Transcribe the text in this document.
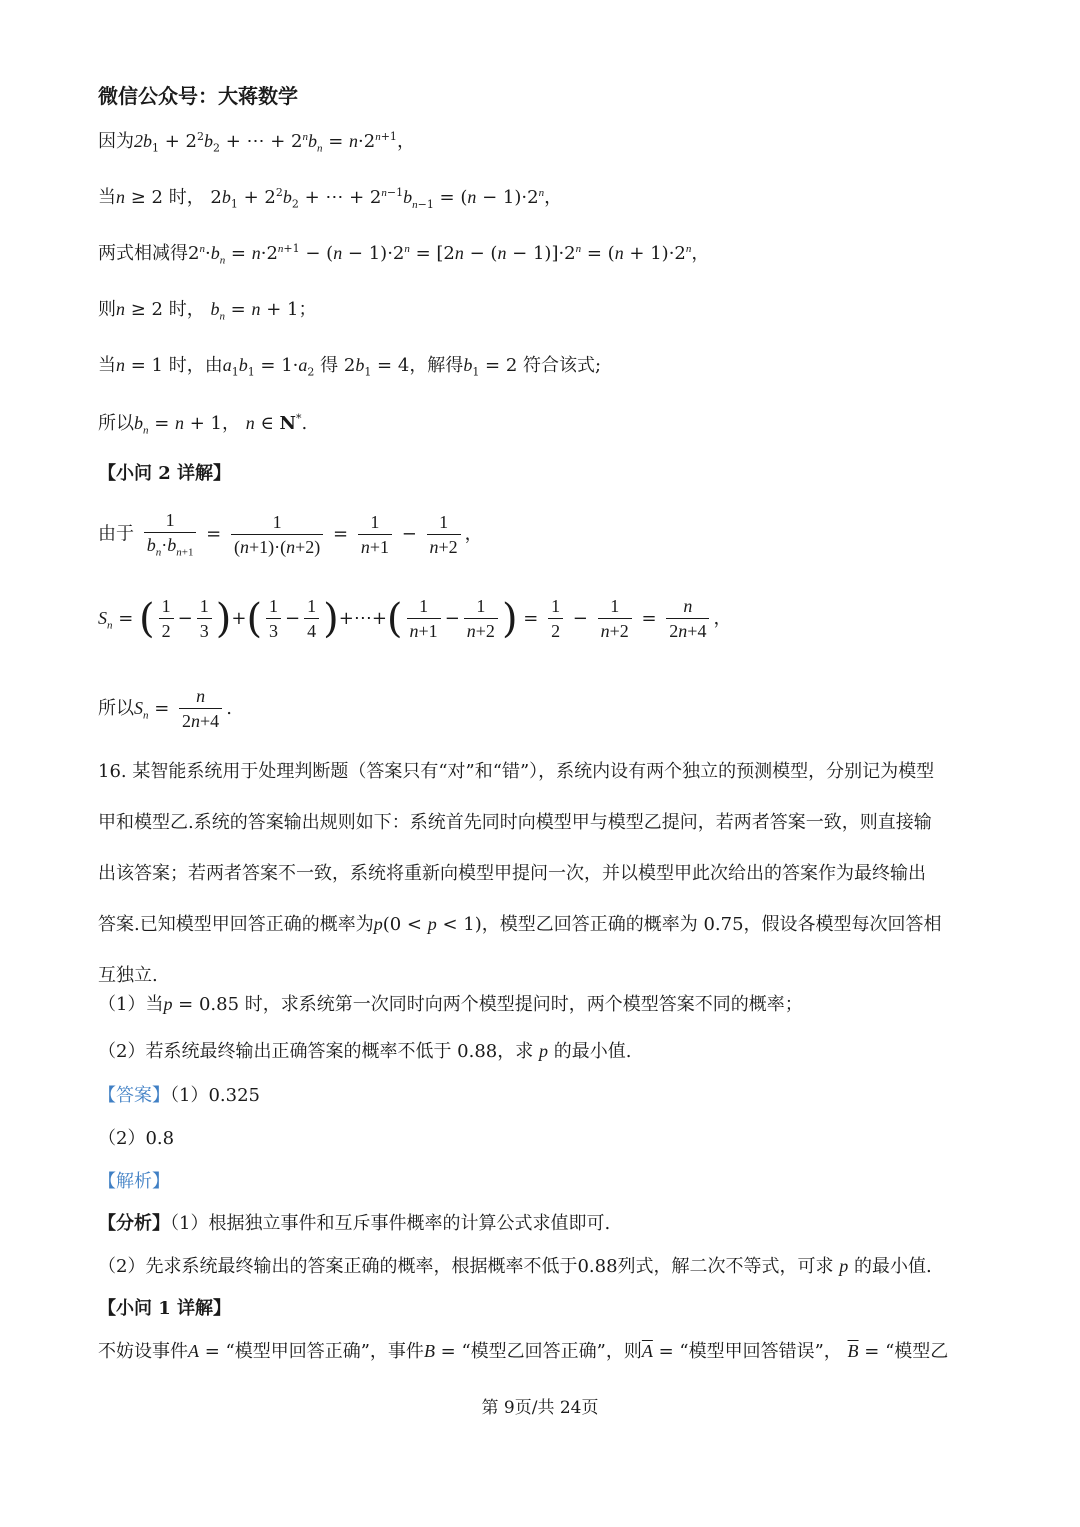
微信公众号：大蒋数学
因为$2b_1 + 2^2b_2$ + ⋯ + $2^nb_n = n\cdot 2^{n+1}$，
当n ≥ 2 时， $2b_1 + 2^2b_2$ + ⋯ + $2^{n-1}b_{n-1} = (n - 1)\cdot 2^n$，
两式相减得$2^n\cdot b_n = n\cdot 2^{n+1} - (n - 1)\cdot 2^n = [2n - (n - 1)]\cdot 2^n = (n + 1)\cdot 2^n$，
则n ≥ 2 时， $b_n = n + 1$；
当n = 1 时，由$a_1b_1 = 1\cdot a_2$ 得 $2b_1 = 4$，解得$b_1 = 2$ 符合该式;
所以$b_n = n + 1$， n ∈ N*.
【小问 2 详解】
由于 $\frac{1}{b_n\cdot b_{n+1}} = \frac{1}{(n+1)\cdot(n+2)} = \frac{1}{n+1} - \frac{1}{n+2}$ ，
$S_n$ = ( $\frac{1}{2} - \frac{1}{3}$ )+( $\frac{1}{3} - \frac{1}{4}$ )+⋯+( $\frac{1}{n+1} - \frac{1}{n+2}$ ) = $\frac{1}{2} - \frac{1}{n+2} = \frac{n}{2n+4}$ ，
所以$S_n = \frac{n}{2n+4}$ .
16. 某智能系统用于处理判断题（答案只有“对”和“错”），系统内设有两个独立的预测模型，分别记为模型
甲和模型乙.系统的答案输出规则如下：系统首先同时向模型甲与模型乙提问，若两者答案一致，则直接输
出该答案；若两者答案不一致，系统将重新向模型甲提问一次，并以模型甲此次给出的答案作为最终输出
答案.已知模型甲回答正确的概率为p(0 < p < 1)，模型乙回答正确的概率为 0.75，假设各模型每次回答相
互独立.
（1）当p = 0.85 时，求系统第一次同时向两个模型提问时，两个模型答案不同的概率；
（2）若系统最终输出正确答案的概率不低于 0.88，求 p 的最小值.
【答案】（1）0.325
（2）0.8
【解析】
【分析】（1）根据独立事件和互斥事件概率的计算公式求值即可.
（2）先求系统最终输出的答案正确的概率，根据概率不低于0.88列式，解二次不等式，可求 p 的最小值.
【小问 1 详解】
不妨设事件A = “模型甲回答正确”，事件B = “模型乙回答正确”，则$\overline{A}$ = “模型甲回答错误”， $\overline{B}$ = “模型乙
第 9页/共 24页
